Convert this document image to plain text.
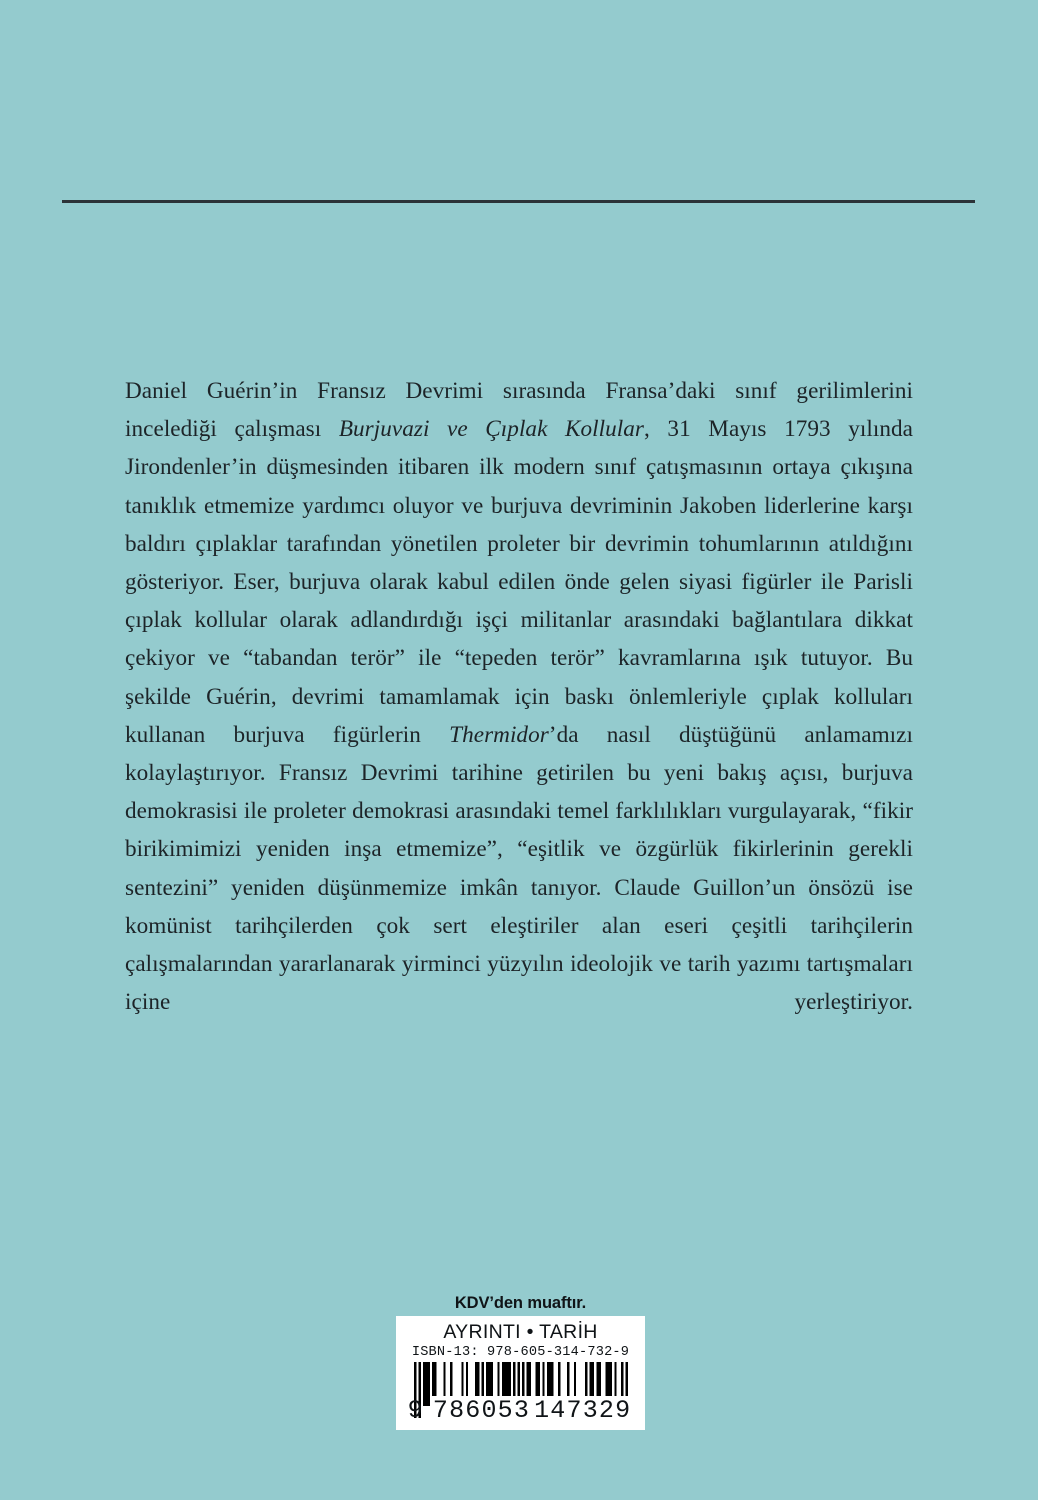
Daniel Guérin’in Fransız Devrimi sırasında Fransa’daki sınıf gerilimlerini incelediği çalışması Burjuvazi ve Çıplak Kollular, 31 Mayıs 1793 yılında Jirondenler’in düşmesinden itibaren ilk modern sınıf çatışmasının ortaya çıkışına tanıklık etmemize yardımcı oluyor ve burjuva devriminin Jakoben liderlerine karşı baldırı çıplaklar tarafından yönetilen proleter bir devrimin tohumlarının atıldığını gösteriyor. Eser, burjuva olarak kabul edilen önde gelen siyasi figürler ile Parisli çıplak kollular olarak adlandırdığı işçi militanlar arasındaki bağlantılara dikkat çekiyor ve “tabandan terör” ile “tepeden terör” kavramlarına ışık tutuyor. Bu şekilde Guérin, devrimi tamamlamak için baskı önlemleriyle çıplak kolluları kullanan burjuva figürlerin Thermidor’da nasıl düştüğünü anlamamızı kolaylaştırıyor. Fransız Devrimi tarihine getirilen bu yeni bakış açısı, burjuva demokrasisi ile proleter demokrasi arasındaki temel farklılıkları vurgulayarak, “fikir birikimimizi yeniden inşa etmemize”, “eşitlik ve özgürlük fikirlerinin gerekli sentezini” yeniden düşünmemize imkân tanıyor. Claude Guillon’un önsözü ise komünist tarihçilerden çok sert eleştiriler alan eseri çeşitli tarihçilerin çalışmalarından yararlanarak yirminci yüzyılın ideolojik ve tarih yazımı tartışmaları içine yerleştiriyor.

KDV’den muaftır.
AYRINTI • TARİH
ISBN-13: 978-605-314-732-9
9 786053 147329
